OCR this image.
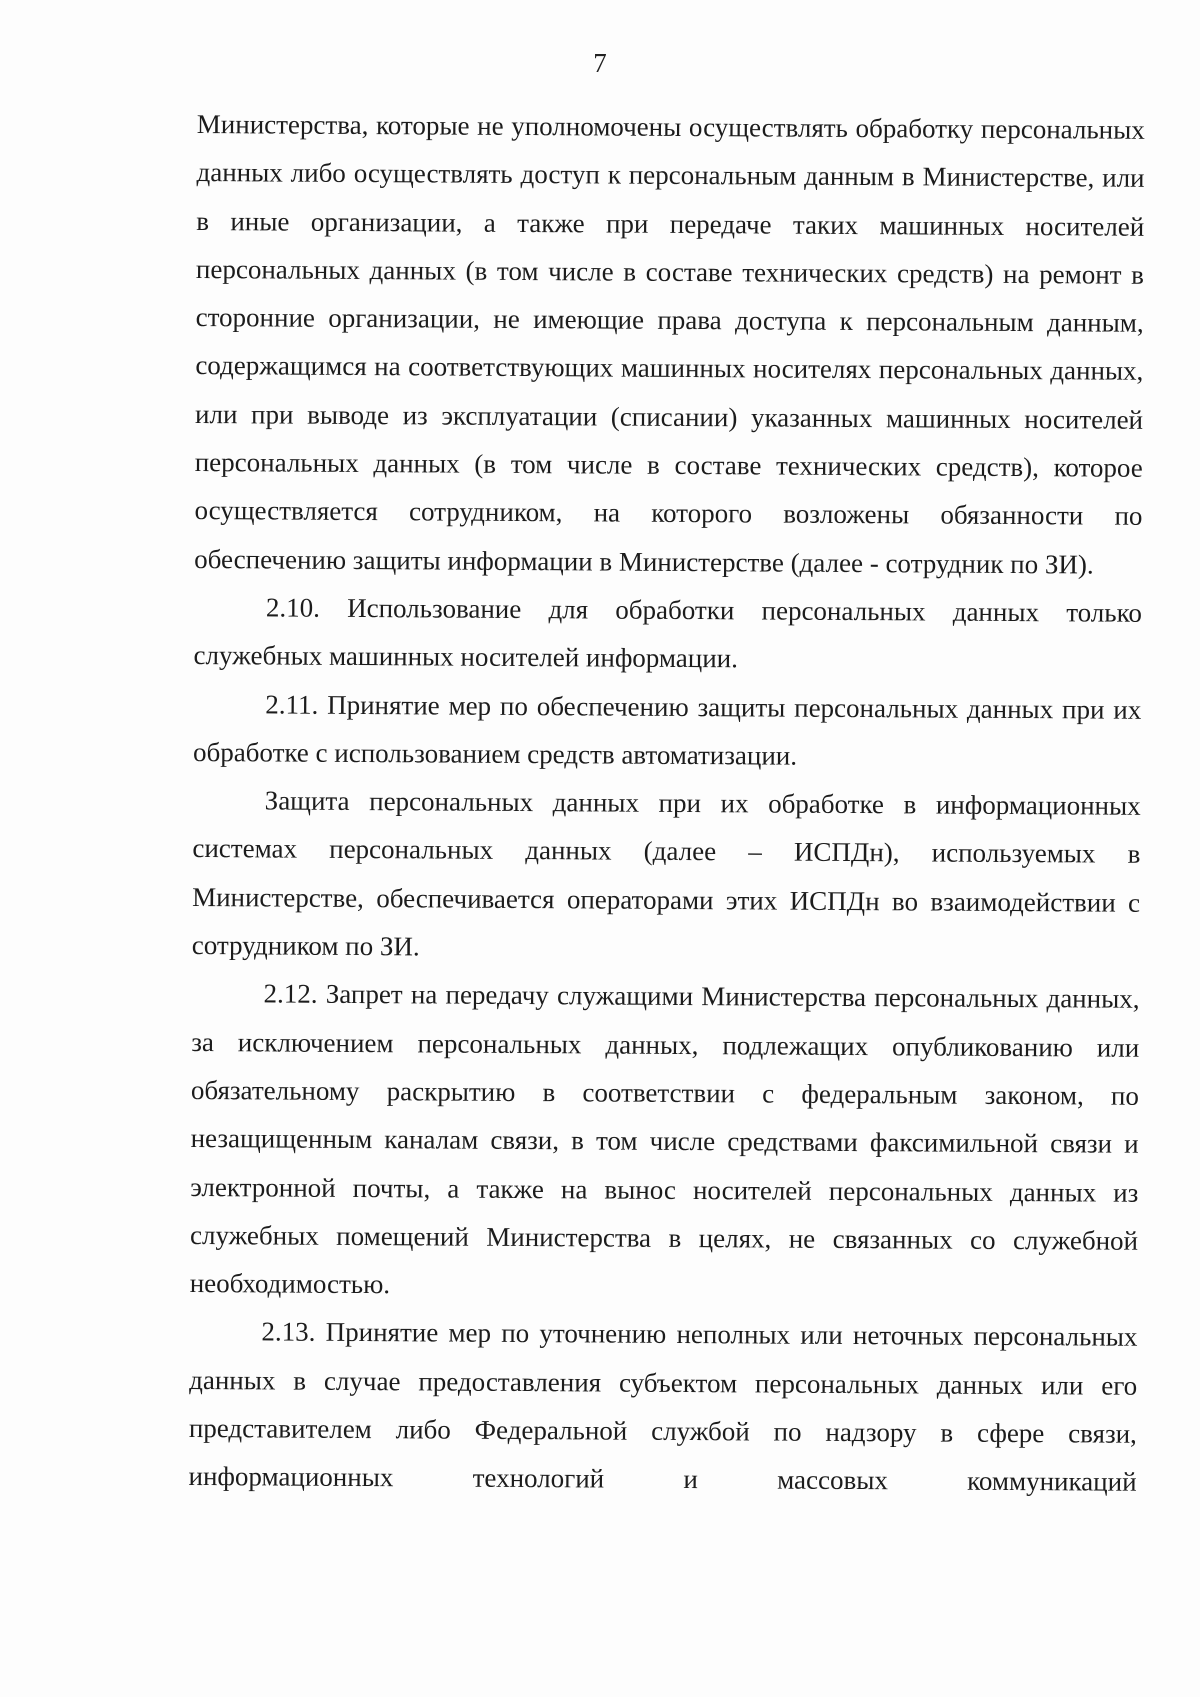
7

Министерства, которые не уполномочены осуществлять обработку персональных данных либо осуществлять доступ к персональным данным в Министерстве, или в иные организации, а также при передаче таких машинных носителей персональных данных (в том числе в составе технических средств) на ремонт в сторонние организации, не имеющие права доступа к персональным данным, содержащимся на соответствующих машинных носителях персональных данных, или при выводе из эксплуатации (списании) указанных машинных носителей персональных данных (в том числе в составе технических средств), которое осуществляется сотрудником, на которого возложены обязанности по обеспечению защиты информации в Министерстве (далее - сотрудник по ЗИ).

2.10. Использование для обработки персональных данных только служебных машинных носителей информации.

2.11. Принятие мер по обеспечению защиты персональных данных при их обработке с использованием средств автоматизации.

Защита персональных данных при их обработке в информационных системах персональных данных (далее – ИСПДн), используемых в Министерстве, обеспечивается операторами этих ИСПДн во взаимодействии с сотрудником по ЗИ.

2.12. Запрет на передачу служащими Министерства персональных данных, за исключением персональных данных, подлежащих опубликованию или обязательному раскрытию в соответствии с федеральным законом, по незащищенным каналам связи, в том числе средствами факсимильной связи и электронной почты, а также на вынос носителей персональных данных из служебных помещений Министерства в целях, не связанных со служебной необходимостью.

2.13. Принятие мер по уточнению неполных или неточных персональных данных в случае предоставления субъектом персональных данных или его представителем либо Федеральной службой по надзору в сфере связи, информационных технологий и массовых коммуникаций
